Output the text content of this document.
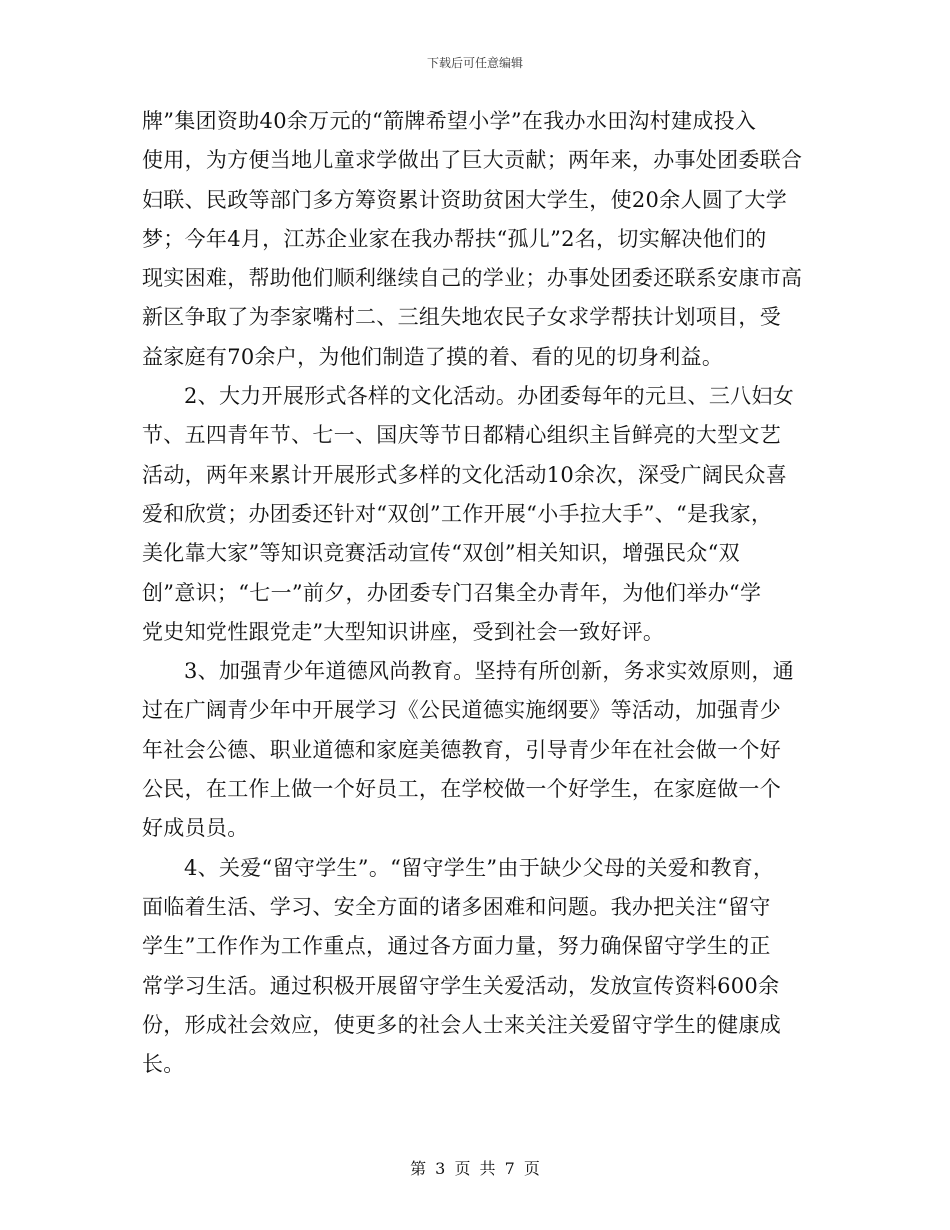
下载后可任意编辑
牌”集团资助40余万元的“箭牌希望小学”在我办水田沟村建成投入
使用，为方便当地儿童求学做出了巨大贡献；两年来，办事处团委联合
妇联、民政等部门多方筹资累计资助贫困大学生，使20余人圆了大学
梦；今年4月，江苏企业家在我办帮扶“孤儿”2名，切实解决他们的
现实困难，帮助他们顺利继续自己的学业；办事处团委还联系安康市高
新区争取了为李家嘴村二、三组失地农民子女求学帮扶计划项目，受
益家庭有70余户，为他们制造了摸的着、看的见的切身利益。
2、大力开展形式各样的文化活动。办团委每年的元旦、三八妇女
节、五四青年节、七一、国庆等节日都精心组织主旨鲜亮的大型文艺
活动，两年来累计开展形式多样的文化活动10余次，深受广阔民众喜
爱和欣赏；办团委还针对“双创”工作开展“小手拉大手”、“是我家，
美化靠大家”等知识竞赛活动宣传“双创”相关知识，增强民众“双
创”意识；“七一”前夕，办团委专门召集全办青年，为他们举办“学
党史知党性跟党走”大型知识讲座，受到社会一致好评。
3、加强青少年道德风尚教育。坚持有所创新，务求实效原则，通
过在广阔青少年中开展学习《公民道德实施纲要》等活动，加强青少
年社会公德、职业道德和家庭美德教育，引导青少年在社会做一个好
公民，在工作上做一个好员工，在学校做一个好学生，在家庭做一个
好成员员。
4、关爱“留守学生”。“留守学生”由于缺少父母的关爱和教育，
面临着生活、学习、安全方面的诸多困难和问题。我办把关注“留守
学生”工作作为工作重点，通过各方面力量，努力确保留守学生的正
常学习生活。通过积极开展留守学生关爱活动，发放宣传资料600余
份，形成社会效应，使更多的社会人士来关注关爱留守学生的健康成
长。
第 3 页 共 7 页
